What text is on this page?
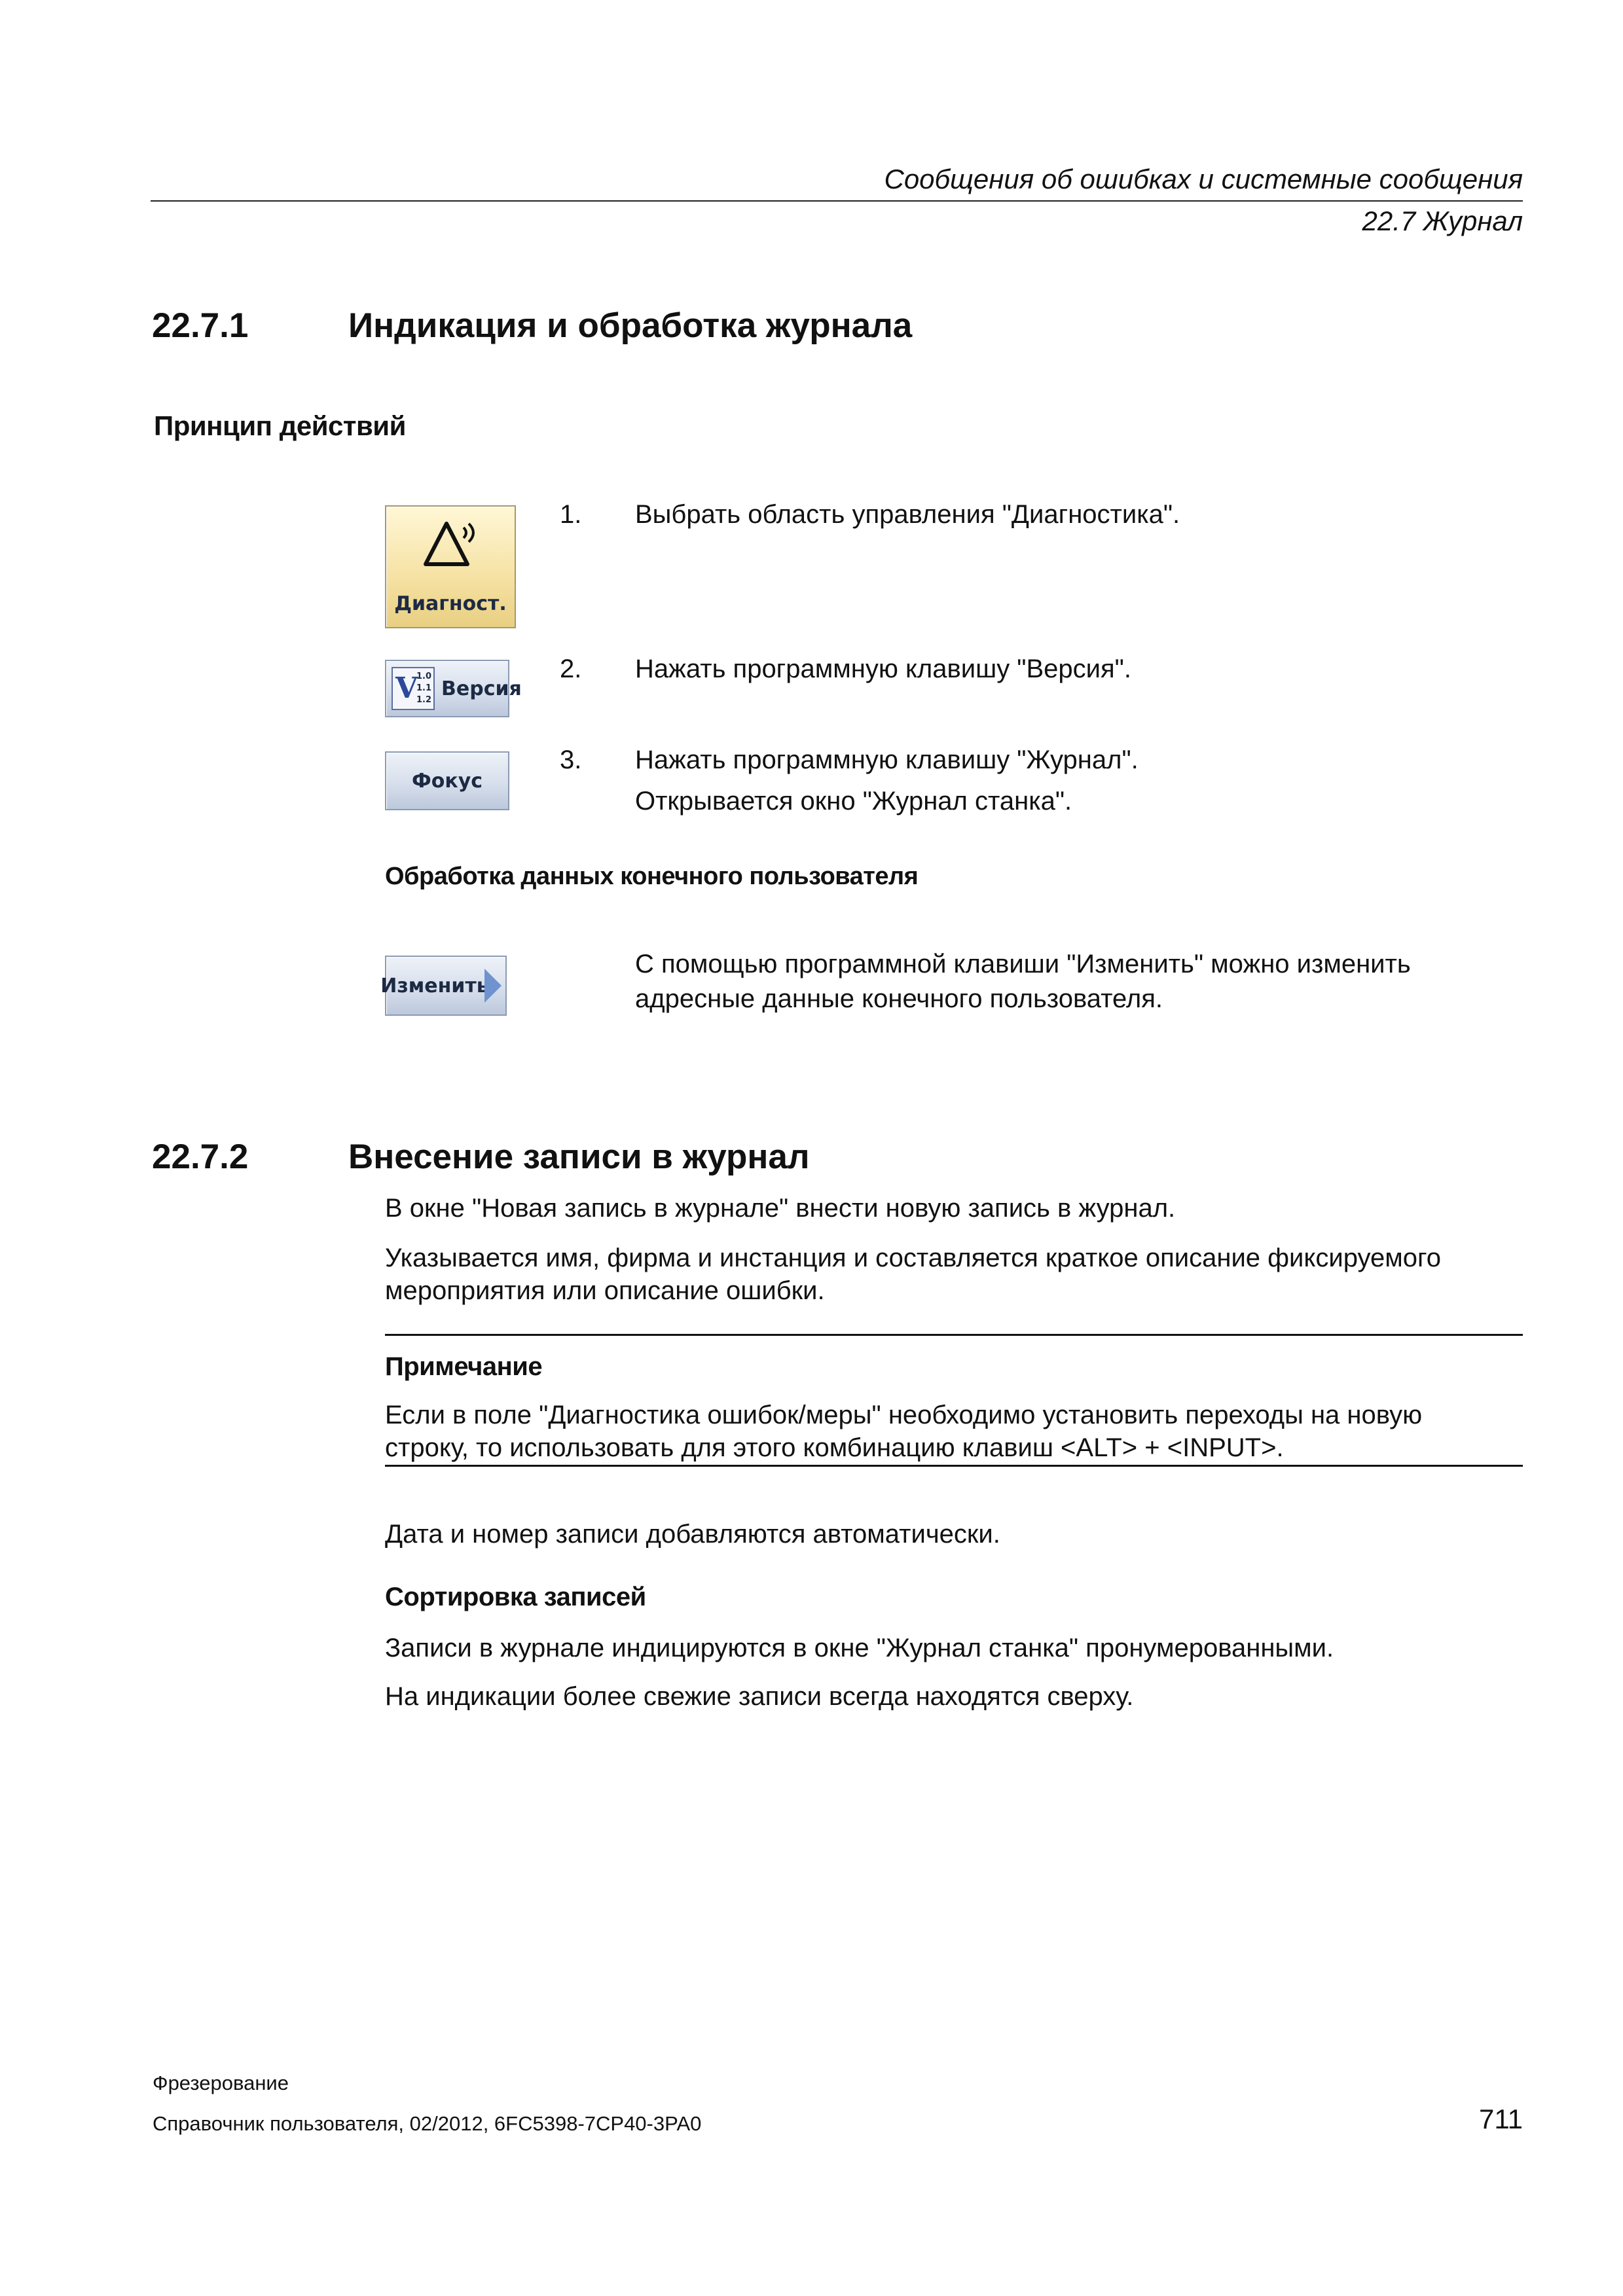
Сообщения об ошибках и системные сообщения
22.7 Журнал
22.7.1	Индикация и обработка журнала
Принцип действий
Диагност.
1. Выбрать область управления "Диагностика".
V
1.0
1.1
1.2 Версия
2. Нажать программную клавишу "Версия".
Фокус
3. Нажать программную клавишу "Журнал".
Открывается окно "Журнал станка".
Обработка данных конечного пользователя
Изменить
С помощью программной клавиши "Изменить" можно изменить
адресные данные конечного пользователя.
22.7.2	Внесение записи в журнал
В окне "Новая запись в журнале" внести новую запись в журнал.
Указывается имя, фирма и инстанция и составляется краткое описание фиксируемого
мероприятия или описание ошибки.
Примечание
Если в поле "Диагностика ошибок/меры" необходимо установить переходы на новую
строку, то использовать для этого комбинацию клавиш <ALT> + <INPUT>.
Дата и номер записи добавляются автоматически.
Сортировка записей
Записи в журнале индицируются в окне "Журнал станка" пронумерованными.
На индикации более свежие записи всегда находятся сверху.
Фрезерование
Справочник пользователя, 02/2012, 6FC5398-7CP40-3PA0	711
